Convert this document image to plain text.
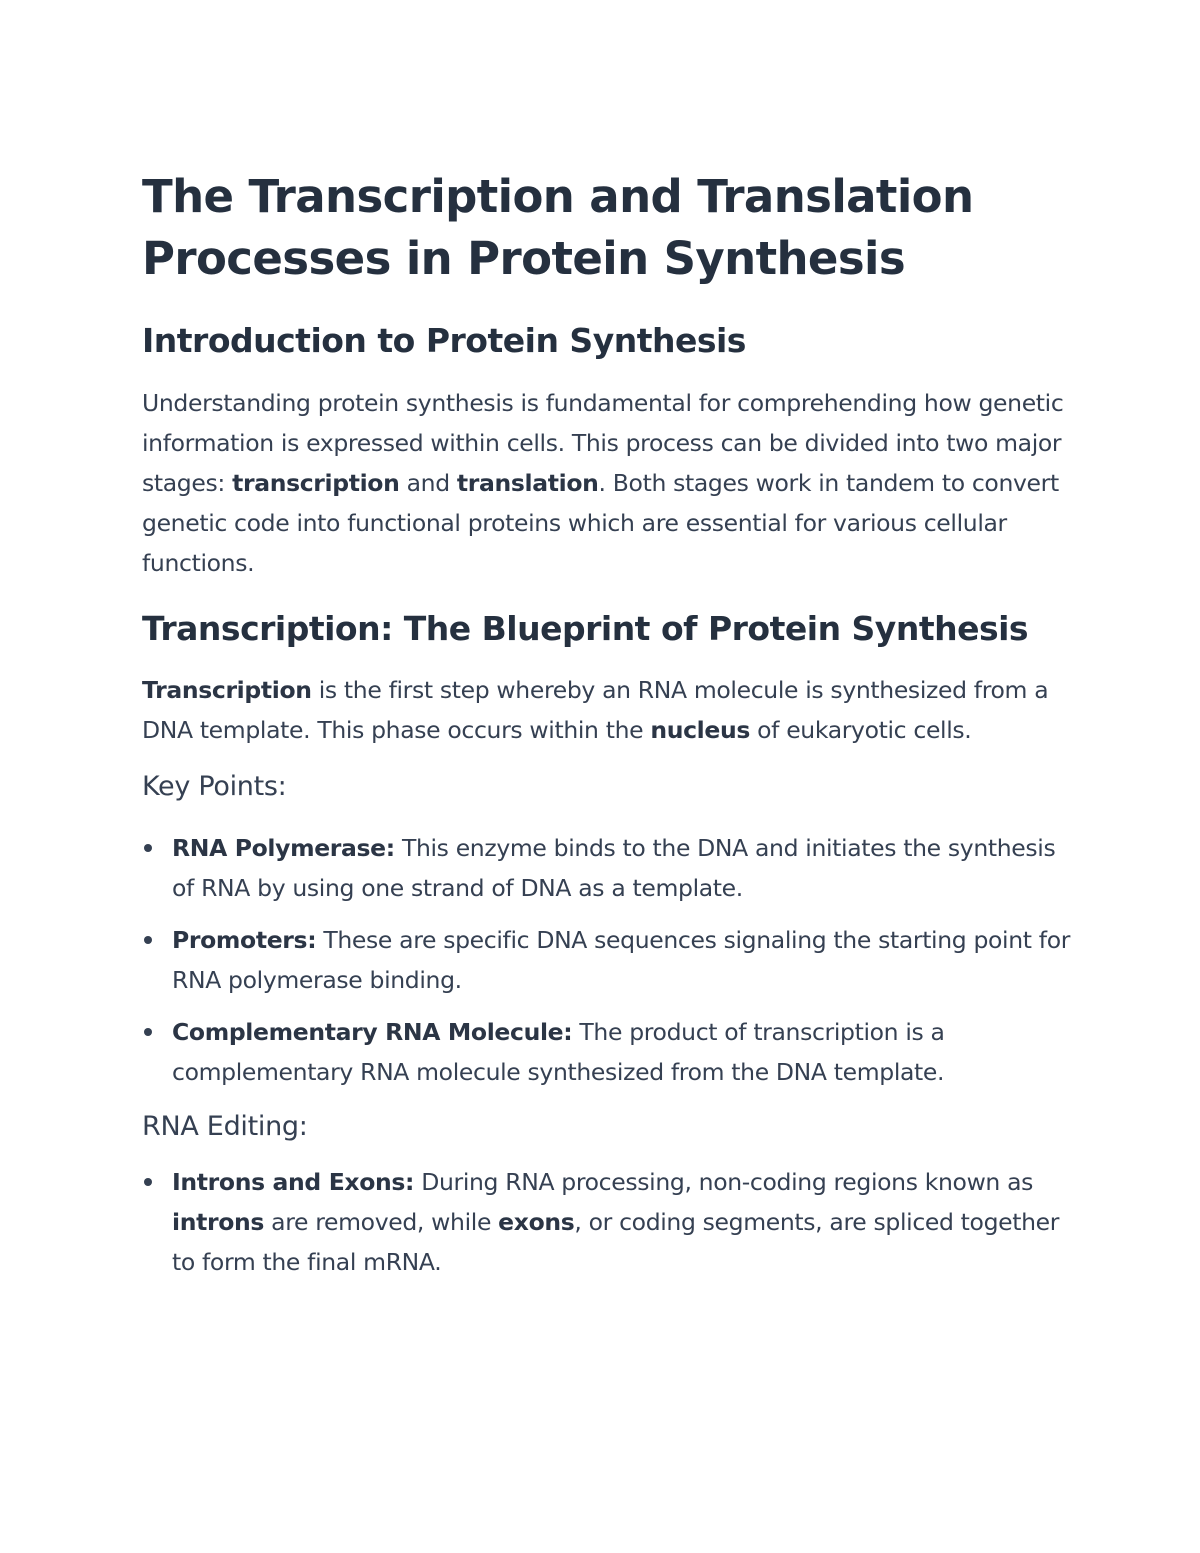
The Transcription and Translation
Processes in Protein Synthesis
Introduction to Protein Synthesis

Understanding protein synthesis is fundamental for comprehending how genetic information is expressed within cells. This process can be divided into two major stages: transcription and translation. Both stages work in tandem to convert genetic code into functional proteins which are essential for various cellular functions.

Transcription: The Blueprint of Protein Synthesis

Transcription is the first step whereby an RNA molecule is synthesized from a DNA template. This phase occurs within the nucleus of eukaryotic cells.

Key Points:
RNA Polymerase: This enzyme binds to the DNA and initiates the synthesis of RNA by using one strand of DNA as a template.
Promoters: These are specific DNA sequences signaling the starting point for RNA polymerase binding.
Complementary RNA Molecule: The product of transcription is a complementary RNA molecule synthesized from the DNA template.
RNA Editing:
Introns and Exons: During RNA processing, non-coding regions known as introns are removed, while exons, or coding segments, are spliced together to form the final mRNA.
